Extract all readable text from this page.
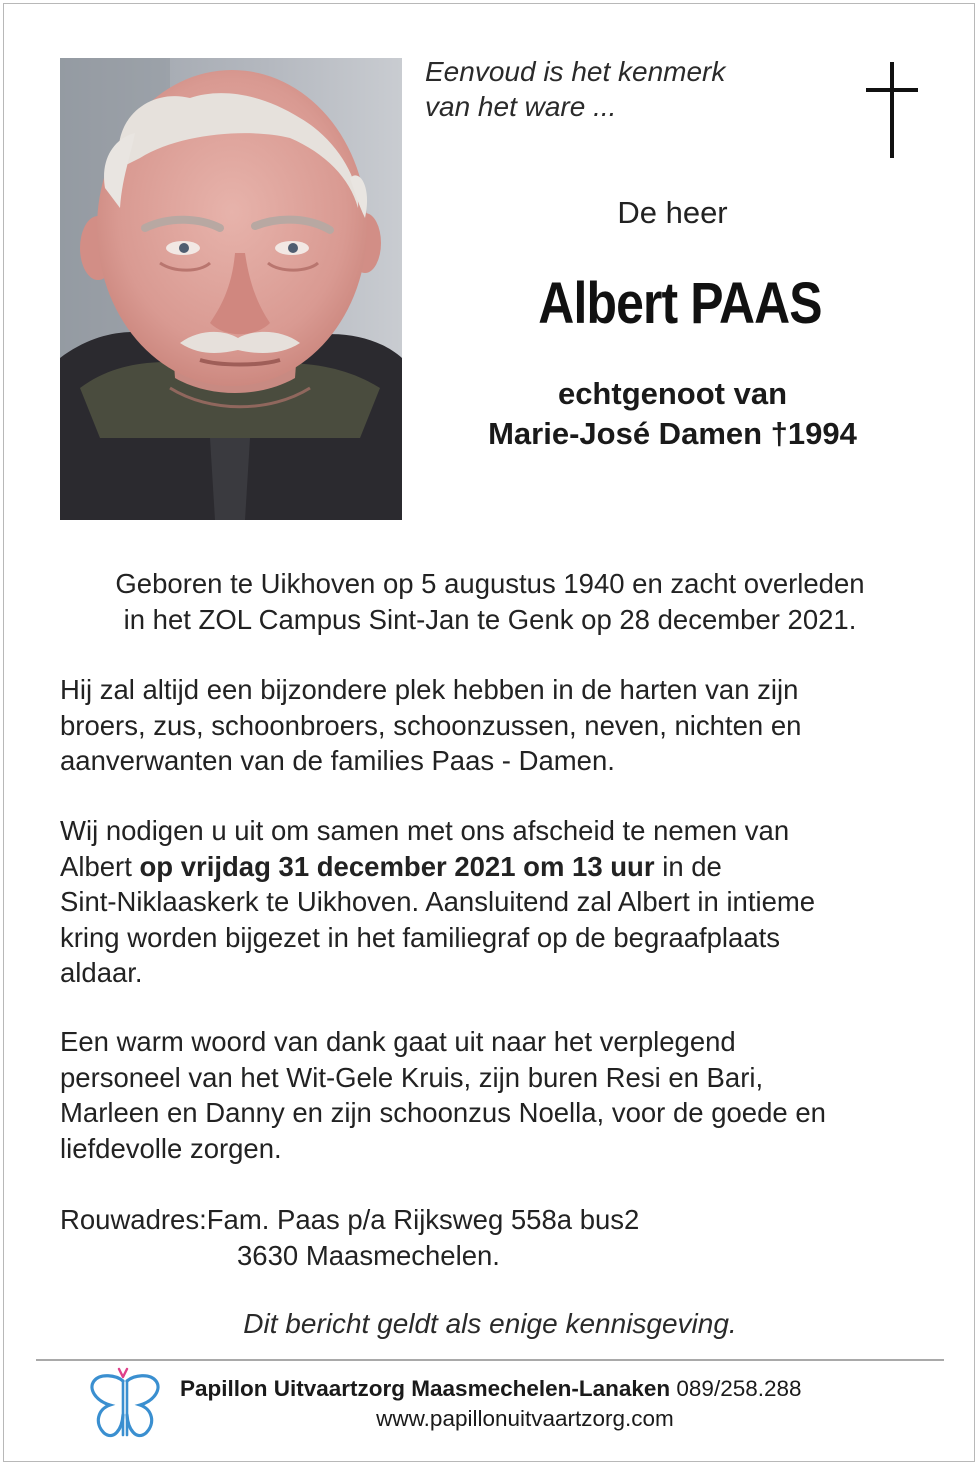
Eenvoud is het kenmerk
van het ware ...
De heer
Albert PAAS
echtgenoot van
Marie-José Damen †1994
Geboren te Uikhoven op 5 augustus 1940 en zacht overleden
in het ZOL Campus Sint-Jan te Genk op 28 december 2021.
Hij zal altijd een bijzondere plek hebben in de harten van zijn
broers, zus, schoonbroers, schoonzussen, neven, nichten en
aanverwanten van de families Paas - Damen.
Wij nodigen u uit om samen met ons afscheid te nemen van
Albert op vrijdag 31 december 2021 om 13 uur in de
Sint-Niklaaskerk te Uikhoven. Aansluitend zal Albert in intieme
kring worden bijgezet in het familiegraf op de begraafplaats
aldaar.
Een warm woord van dank gaat uit naar het verplegend
personeel van het Wit-Gele Kruis, zijn buren Resi en Bari,
Marleen en Danny en zijn schoonzus Noella, voor de goede en
liefdevolle zorgen.
Rouwadres:Fam. Paas p/a Rijksweg 558a bus2
3630 Maasmechelen.
Dit bericht geldt als enige kennisgeving.
Papillon Uitvaartzorg Maasmechelen-Lanaken 089/258.288
www.papillonuitvaartzorg.com
